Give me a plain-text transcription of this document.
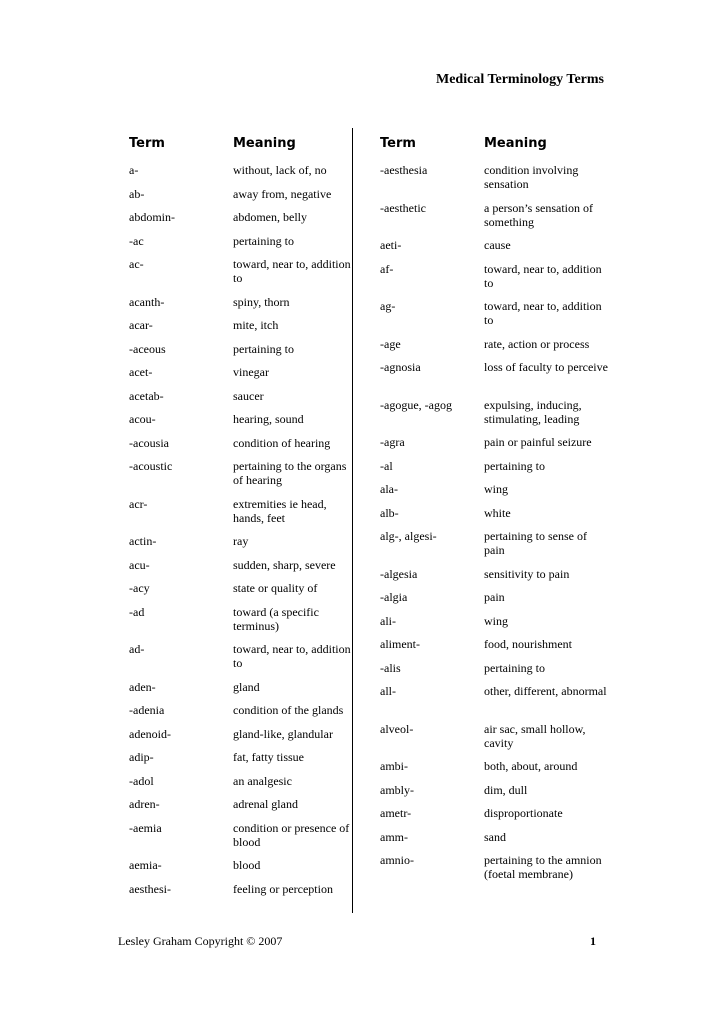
Medical Terminology Terms
Term	Meaning
a-	without, lack of, no
ab-	away from, negative
abdomin-	abdomen, belly
-ac	pertaining to
ac-	toward, near to, addition to
acanth-	spiny, thorn
acar-	mite, itch
-aceous	pertaining to
acet-	vinegar
acetab-	saucer
acou-	hearing, sound
-acousia	condition of hearing
-acoustic	pertaining to the organs of hearing
acr-	extremities ie head, hands, feet
actin-	ray
acu-	sudden, sharp, severe
-acy	state or quality of
-ad	toward (a specific terminus)
ad-	toward, near to, addition to
aden-	gland
-adenia	condition of the glands
adenoid-	gland-like, glandular
adip-	fat, fatty tissue
-adol	an analgesic
adren-	adrenal gland
-aemia	condition or presence of blood
aemia-	blood
aesthesi-	feeling or perception
Term	Meaning
-aesthesia	condition involving sensation
-aesthetic	a person’s sensation of something
aeti-	cause
af-	toward, near to, addition to
ag-	toward, near to, addition to
-age	rate, action or process
-agnosia	loss of faculty to perceive
-agogue, -agog	expulsing, inducing, stimulating, leading
-agra	pain or painful seizure
-al	pertaining to
ala-	wing
alb-	white
alg-, algesi-	pertaining to sense of pain
-algesia	sensitivity to pain
-algia	pain
ali-	wing
aliment-	food, nourishment
-alis	pertaining to
all-	other, different, abnormal
alveol-	air sac, small hollow, cavity
ambi-	both, about, around
ambly-	dim, dull
ametr-	disproportionate
amm-	sand
amnio-	pertaining to the amnion (foetal membrane)
Lesley Graham Copyright © 2007	1
